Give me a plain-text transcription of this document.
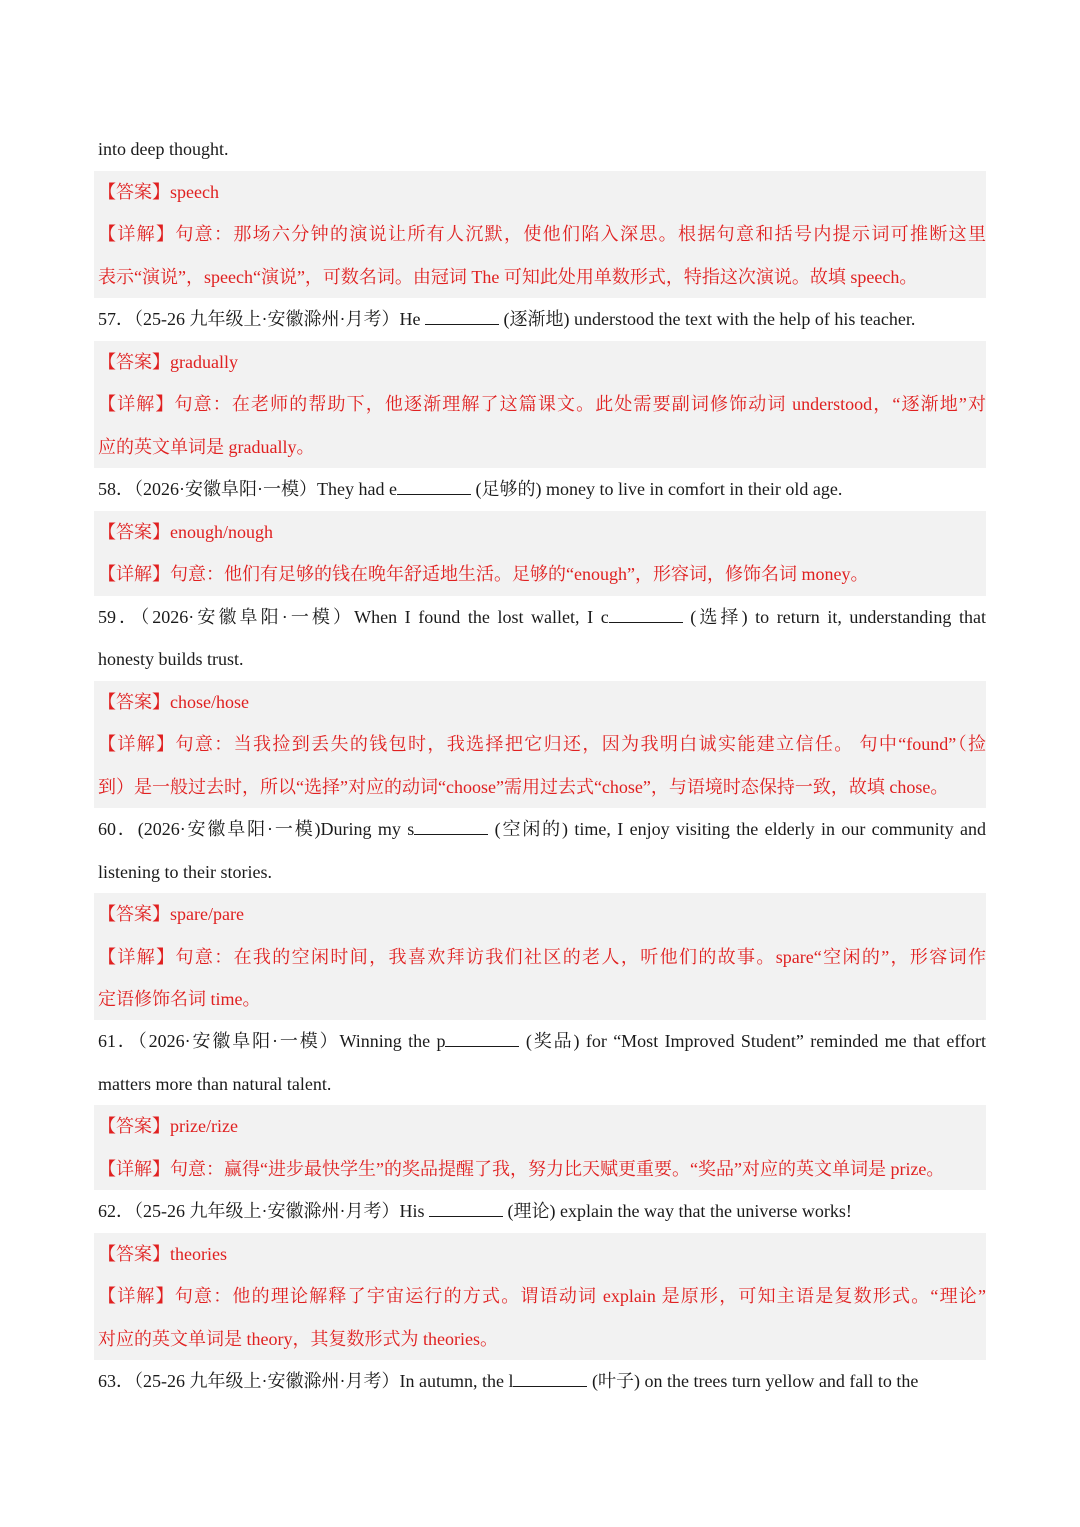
into deep thought.
【答案】speech
【详解】句意：那场六分钟的演说让所有人沉默，使他们陷入深思。根据句意和括号内提示词可推断这里
表示“演说”，speech“演说”，可数名词。由冠词 The 可知此处用单数形式，特指这次演说。故填 speech。
57．（25-26 九年级上·安徽滁州·月考）He	(逐渐地) understood the text with the help of his teacher.
【答案】gradually
【详解】句意：在老师的帮助下，他逐渐理解了这篇课文。此处需要副词修饰动词 understood，“逐渐地”对
应的英文单词是 gradually。
58．（2026·安徽阜阳·一模）They had e	(足够的) money to live in comfort in their old age.
【答案】enough/nough
【详解】句意：他们有足够的钱在晚年舒适地生活。足够的“enough”，形容词，修饰名词 money。
59．（2026·安徽阜阳·一模）When I found the lost wallet, I c	(选择) to return it, understanding that
honesty builds trust.
【答案】chose/hose
【详解】句意：当我捡到丢失的钱包时，我选择把它归还，因为我明白诚实能建立信任。 句中“found”（捡
到）是一般过去时，所以“选择”对应的动词“choose”需用过去式“chose”，与语境时态保持一致，故填 chose。
60．(2026·安徽阜阳·一模)During my s	(空闲的) time, I enjoy visiting the elderly in our community and
listening to their stories.
【答案】spare/pare
【详解】句意：在我的空闲时间，我喜欢拜访我们社区的老人，听他们的故事。spare“空闲的”，形容词作
定语修饰名词 time。
61．（2026·安徽阜阳·一模）Winning the p	(奖品) for “Most Improved Student” reminded me that effort
matters more than natural talent.
【答案】prize/rize
【详解】句意：赢得“进步最快学生”的奖品提醒了我，努力比天赋更重要。“奖品”对应的英文单词是 prize。
62．（25-26 九年级上·安徽滁州·月考）His	(理论) explain the way that the universe works!
【答案】theories
【详解】句意：他的理论解释了宇宙运行的方式。谓语动词 explain 是原形，可知主语是复数形式。“理论”
对应的英文单词是 theory，其复数形式为 theories。
63．（25-26 九年级上·安徽滁州·月考）In autumn, the l	(叶子) on the trees turn yellow and fall to the
